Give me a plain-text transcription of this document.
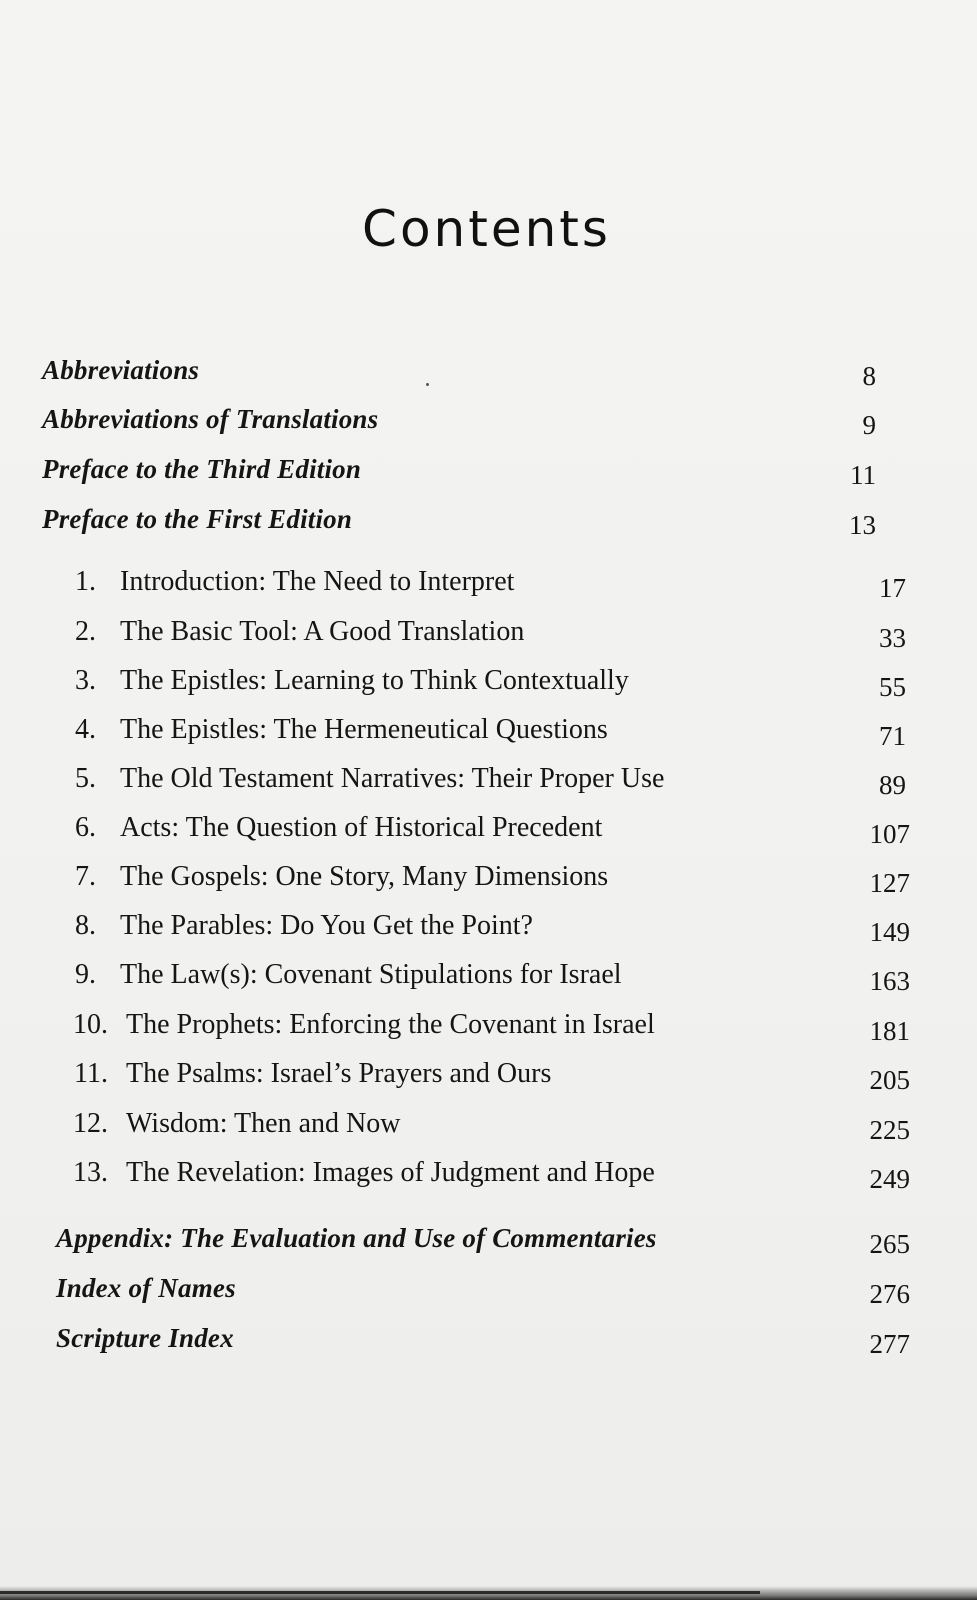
Contents
Abbreviations	8
Abbreviations of Translations	9
Preface to the Third Edition	11
Preface to the First Edition	13
1. Introduction: The Need to Interpret	17
2. The Basic Tool: A Good Translation	33
3. The Epistles: Learning to Think Contextually	55
4. The Epistles: The Hermeneutical Questions	71
5. The Old Testament Narratives: Their Proper Use	89
6. Acts: The Question of Historical Precedent	107
7. The Gospels: One Story, Many Dimensions	127
8. The Parables: Do You Get the Point?	149
9. The Law(s): Covenant Stipulations for Israel	163
10. The Prophets: Enforcing the Covenant in Israel	181
11. The Psalms: Israel’s Prayers and Ours	205
12. Wisdom: Then and Now	225
13. The Revelation: Images of Judgment and Hope	249
Appendix: The Evaluation and Use of Commentaries	265
Index of Names	276
Scripture Index	277
